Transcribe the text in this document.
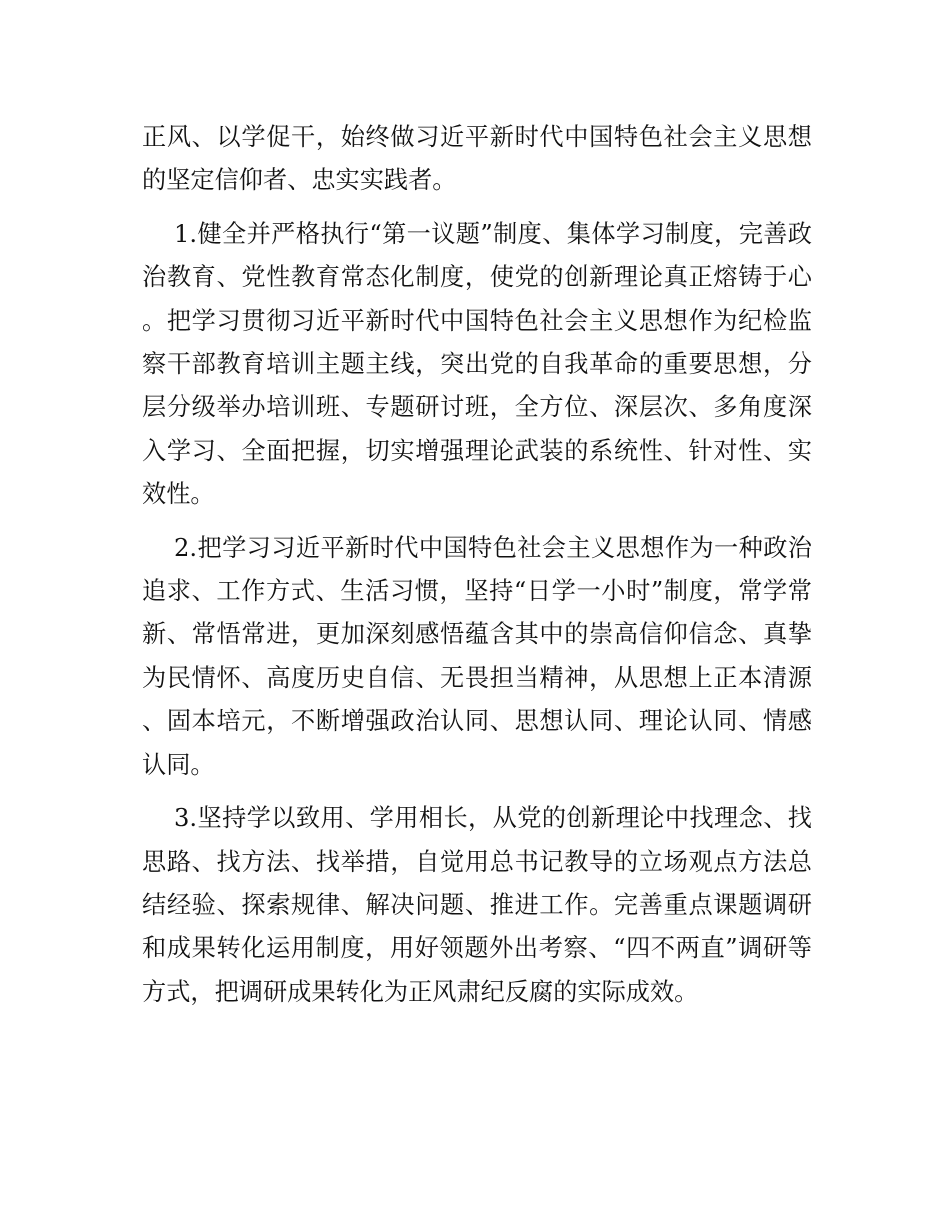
正风、以学促干，始终做习近平新时代中国特色社会主义思想的坚定信仰者、忠实实践者。

1.健全并严格执行“第一议题”制度、集体学习制度，完善政治教育、党性教育常态化制度，使党的创新理论真正熔铸于心。把学习贯彻习近平新时代中国特色社会主义思想作为纪检监察干部教育培训主题主线，突出党的自我革命的重要思想，分层分级举办培训班、专题研讨班，全方位、深层次、多角度深入学习、全面把握，切实增强理论武装的系统性、针对性、实效性。

2.把学习习近平新时代中国特色社会主义思想作为一种政治追求、工作方式、生活习惯，坚持“日学一小时”制度，常学常新、常悟常进，更加深刻感悟蕴含其中的崇高信仰信念、真挚为民情怀、高度历史自信、无畏担当精神，从思想上正本清源、固本培元，不断增强政治认同、思想认同、理论认同、情感认同。

3.坚持学以致用、学用相长，从党的创新理论中找理念、找思路、找方法、找举措，自觉用总书记教导的立场观点方法总结经验、探索规律、解决问题、推进工作。完善重点课题调研和成果转化运用制度，用好领题外出考察、“四不两直”调研等方式，把调研成果转化为正风肃纪反腐的实际成效。
